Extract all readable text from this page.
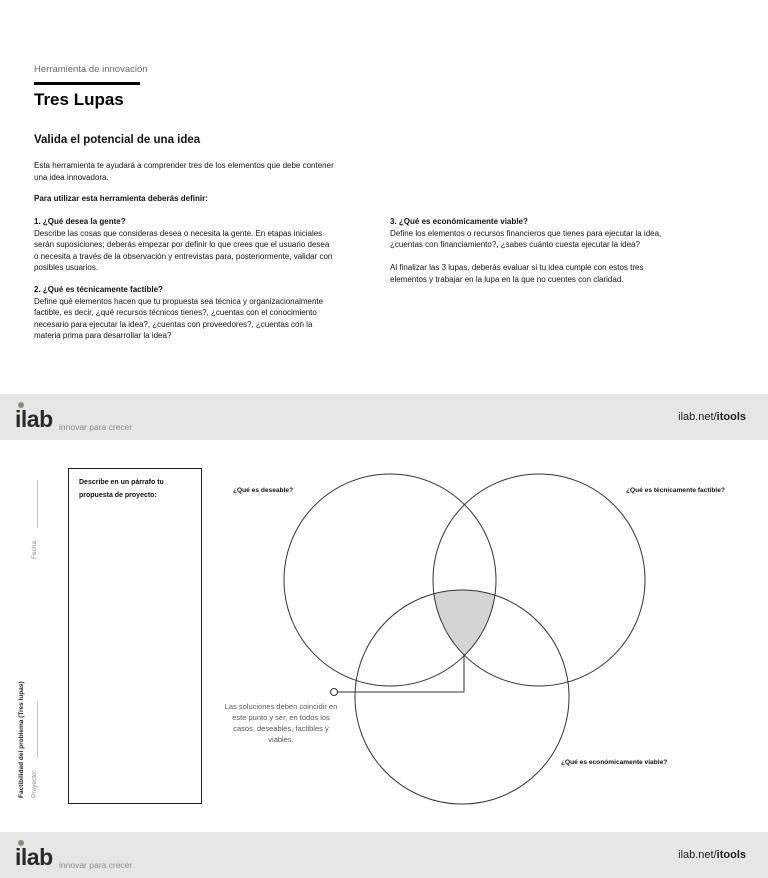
Herramienta de innovación
Tres Lupas
Valida el potencial de una idea
Esta herramienta te ayudará a comprender tres de los elementos que debe contener una idea innovadora.
Para utilizar esta herramienta deberás definir:
1. ¿Qué desea la gente?
Describe las cosas que consideras desea o necesita la gente. En etapas iniciales serán suposiciones; deberás empezar por definir lo que crees que el usuario desea o necesita a través de la observación y entrevistas para, posteriormente, validar con posibles usuarios.
2. ¿Qué es técnicamente factible?
Define qué elementos hacen que tu propuesta sea técnica y organizacionalmente factible, es decir, ¿qué recursos técnicos tienes?, ¿cuentas con el conocimiento necesario para ejecutar la idea?, ¿cuentas con proveedores?, ¿cuentas con la materia prima para desarrollar la idea?
3. ¿Qué es económicamente viable?
Define los elementos o recursos financieros que tienes para ejecutar la idea, ¿cuentas con financiamiento?, ¿sabes cuánto cuesta ejecutar la idea?
Al finalizar las 3 lupas, deberás evaluar si tu idea cumple con estos tres elementos y trabajar en la lupa en la que no cuentes con claridad.
ilab innovar para crecer
ilab.net/itools
Factibilidad del problema (Tres lupas) Proyecto:
Fecha:
Describe en un párrafo tu propuesta de proyecto:
¿Qué es deseable?	¿Qué es técnicamente factible?
¿Qué es económicamente viable?
Las soluciones deben coincidir en este punto y ser, en todos los casos, deseables, factibles y viables.
ilab innovar para crecer
ilab.net/itools
